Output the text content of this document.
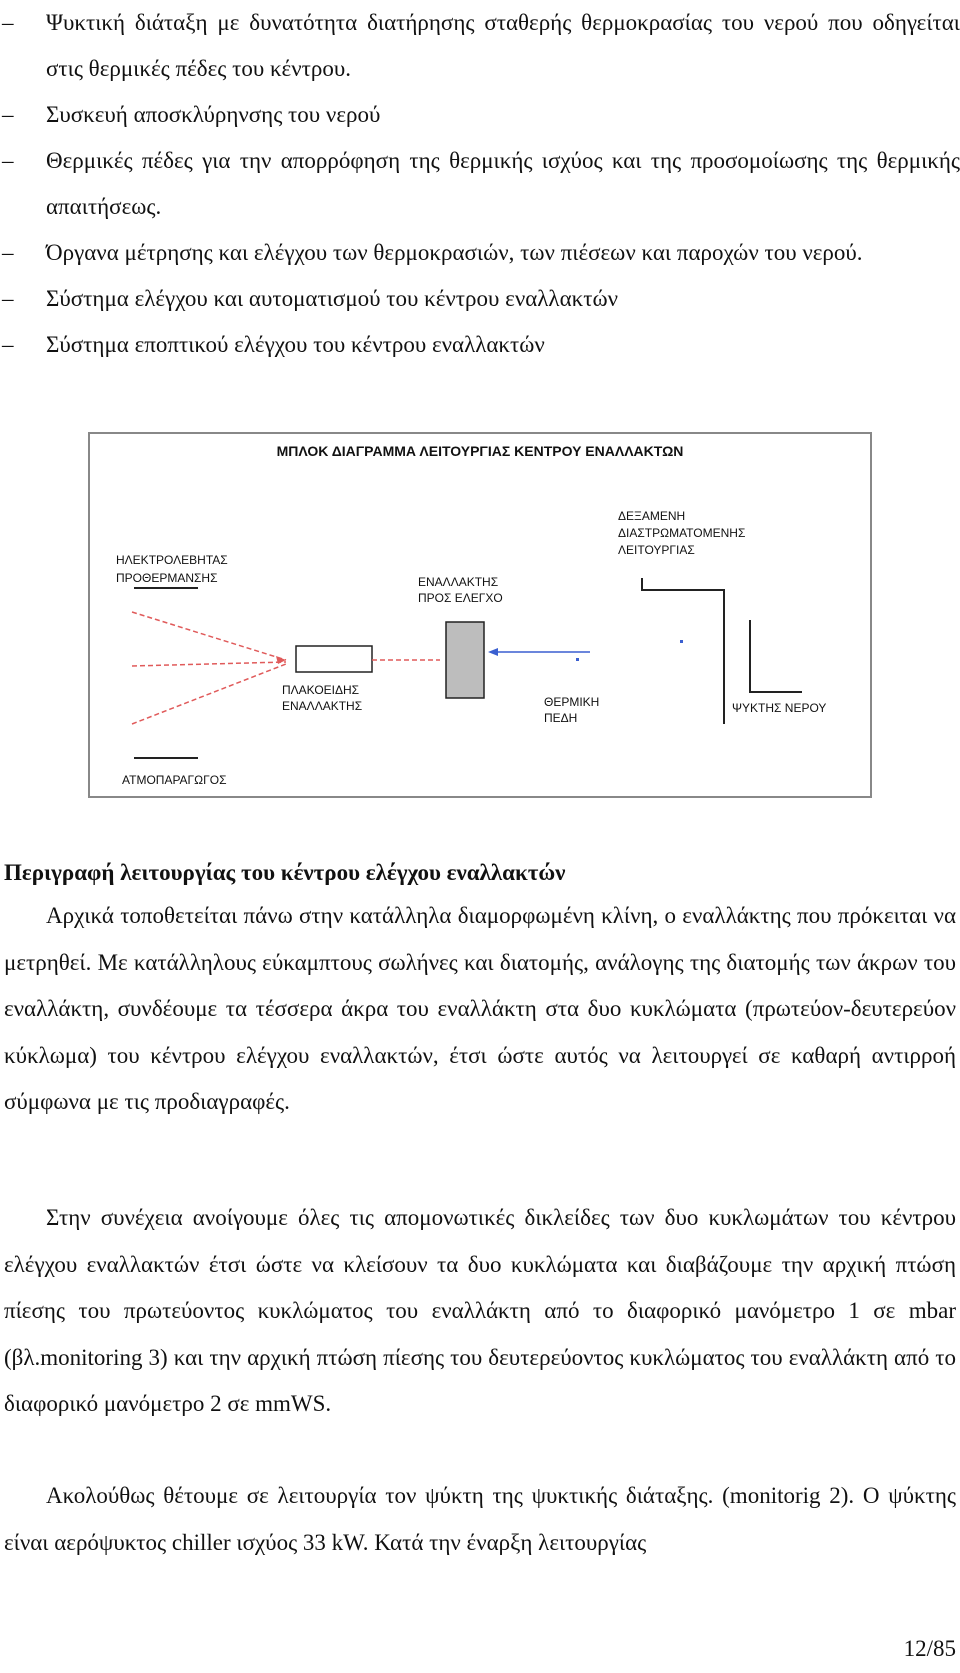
– Ψυκτική διάταξη με δυνατότητα διατήρησης σταθερής θερμοκρασίας του νερού που οδηγείται στις θερμικές πέδες του κέντρου.
– Συσκευή αποσκλύρηνσης του νερού
– Θερμικές πέδες για την απορρόφηση της θερμικής ισχύος και της προσομοίωσης της θερμικής απαιτήσεως.
– Όργανα μέτρησης και ελέγχου των θερμοκρασιών, των πιέσεων και παροχών του νερού.
– Σύστημα ελέγχου και αυτοματισμού του κέντρου εναλλακτών
– Σύστημα εποπτικού ελέγχου του κέντρου εναλλακτών
ΜΠΛΟΚ ΔΙΑΓΡΑΜΜΑ ΛΕΙΤΟΥΡΓΙΑΣ ΚΕΝΤΡΟΥ ΕΝΑΛΛΑΚΤΩΝ
ΗΛΕΚΤΡΟΛΕΒΗΤΑΣ
ΠΡΟΘΕΡΜΑΝΣΗΣ	ΕΝΑΛΛΑΚΤΗΣ
ΠΡΟΣ ΕΛΕΓΧΟ
ΔΕΞΑΜΕΝΗ
ΔΙΑΣΤΡΩΜΑΤΟΜΕΝΗΣ
ΛΕΙΤΟΥΡΓΙΑΣ
ΠΛΑΚΟΕΙΔΗΣ
ΕΝΑΛΛΑΚΤΗΣ	ΘΕΡΜΙΚΗ
ΠΕΔΗ
ΨΥΚΤΗΣ ΝΕΡΟΥ
ΑΤΜΟΠΑΡΑΓΩΓΟΣ
Περιγραφή λειτουργίας του κέντρου ελέγχου εναλλακτών

Αρχικά τοποθετείται πάνω στην κατάλληλα διαμορφωμένη κλίνη, ο εναλλάκτης που πρόκειται να μετρηθεί. Με κατάλληλους εύκαμπτους σωλήνες και διατομής, ανάλογης της διατομής των άκρων του εναλλάκτη, συνδέουμε τα τέσσερα άκρα του εναλλάκτη στα δυο κυκλώματα (πρωτεύον-δευτερεύον κύκλωμα) του κέντρου ελέγχου εναλλακτών, έτσι ώστε αυτός να λειτουργεί σε καθαρή αντιρροή σύμφωνα με τις προδιαγραφές.

Στην συνέχεια ανοίγουμε όλες τις απομονωτικές δικλείδες των δυο κυκλωμάτων του κέντρου ελέγχου εναλλακτών έτσι ώστε να κλείσουν τα δυο κυκλώματα και διαβάζουμε την αρχική πτώση πίεσης του πρωτεύοντος κυκλώματος του εναλλάκτη από το διαφορικό μανόμετρο 1 σε mbar (βλ.monitoring 3) και την αρχική πτώση πίεσης του δευτερεύοντος κυκλώματος του εναλλάκτη από το διαφορικό μανόμετρο 2 σε mmWS.

Ακολούθως θέτουμε σε λειτουργία τον ψύκτη της ψυκτικής διάταξης. (monitorig 2). Ο ψύκτης είναι αερόψυκτος chiller ισχύος 33 kW. Κατά την έναρξη λειτουργίας

12/85
